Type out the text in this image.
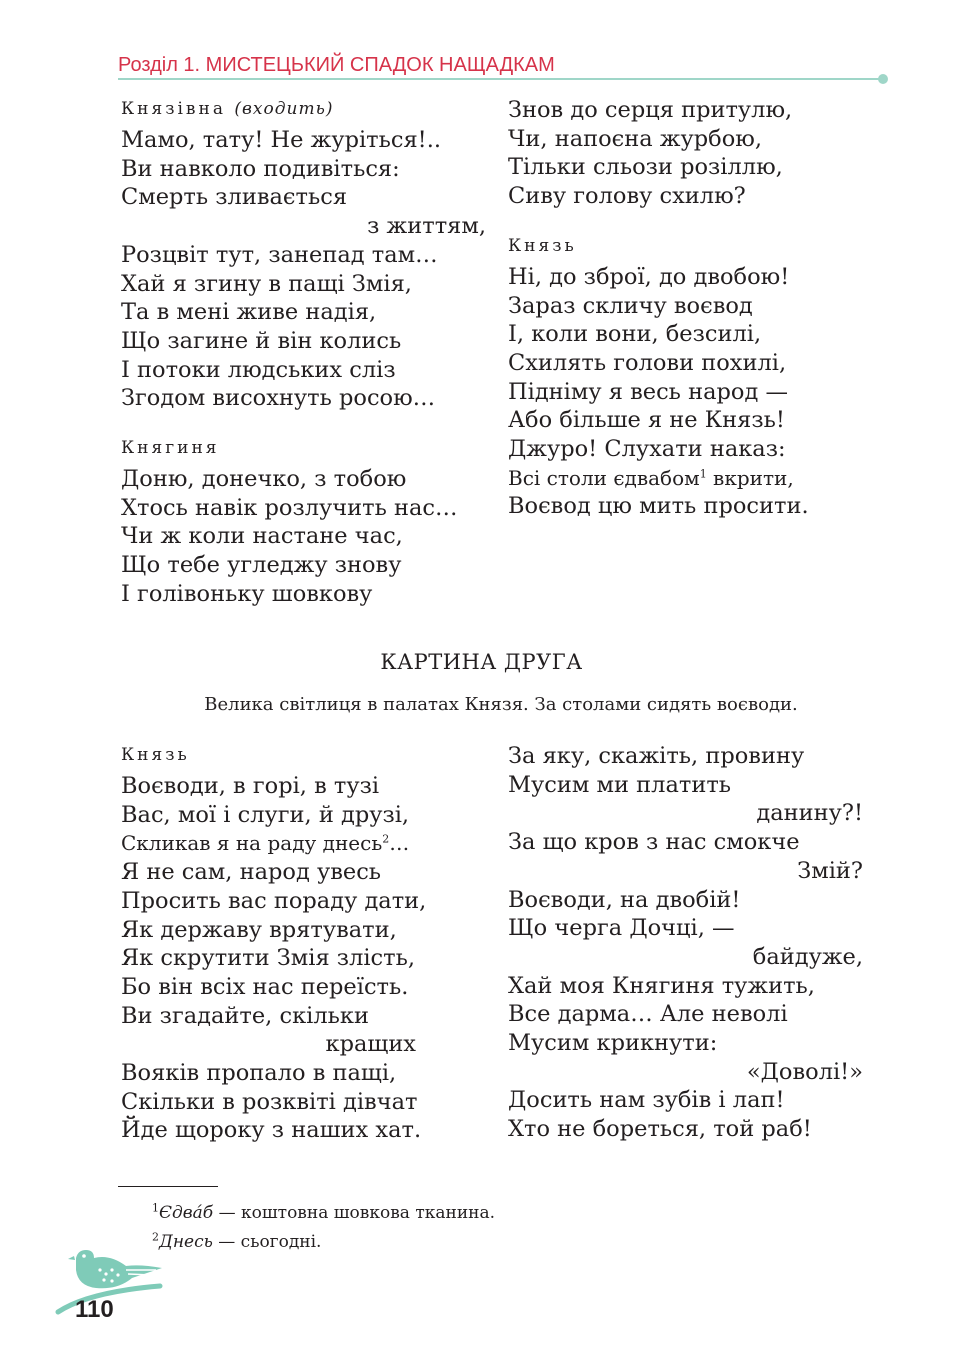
Розділ 1. МИСТЕЦЬКИЙ СПАДОК НАЩАДКАМ
Князівна (входить)
Мамо, тату! Не журіться!..
Ви навколо подивіться:
Смерть зливається
з життям,
Розцвіт тут, занепад там…
Хай я згину в пащі Змія,
Та в мені живе надія,
Що загине й він колись
І потоки людських сліз
Згодом висохнуть росою…
Княгиня
Доню, донечко, з тобою
Хтось навік розлучить нас…
Чи ж коли настане час,
Що тебе угледжу знову
І голівоньку шовкову
Знов до серця притулю,
Чи, напоєна журбою,
Тільки сльози розіллю,
Сиву голову схилю?
Князь
Ні, до зброї, до двобою!
Зараз скличу воєвод
І, коли вони, безсилі,
Схилять голови похилі,
Підніму я весь народ —
Або більше я не Князь!
Джуро! Слухати наказ:
Всі столи єдвабом$^1$ вкрити,
Воєвод цю мить просити.
КАРТИНА ДРУГА
Велика світлиця в палатах Князя. За столами сидять воєводи.
Князь
Воєводи, в горі, в тузі
Вас, мої і слуги, й друзі,
Скликав я на раду днесь$^2$…
Я не сам, народ увесь
Просить вас пораду дати,
Як державу врятувати,
Як скрутити Змія злість,
Бо він всіх нас переїсть.
Ви згадайте, скільки
кращих
Вояків пропало в пащі,
Скільки в розквіті дівчат
Йде щороку з наших хат.
За яку, скажіть, провину
Мусим ми платить
данину?!
За що кров з нас смокче
Змій?
Воєводи, на двобій!
Що черга Дочці, —
байдуже,
Хай моя Княгиня тужить,
Все дарма… Але неволі
Мусим крикнути:
«Доволі!»
Досить нам зубів і лап!
Хто не бореться, той раб!
$^1$Єдва́б — коштовна шовкова тканина.
$^2$Днесь — сьогодні.
110
